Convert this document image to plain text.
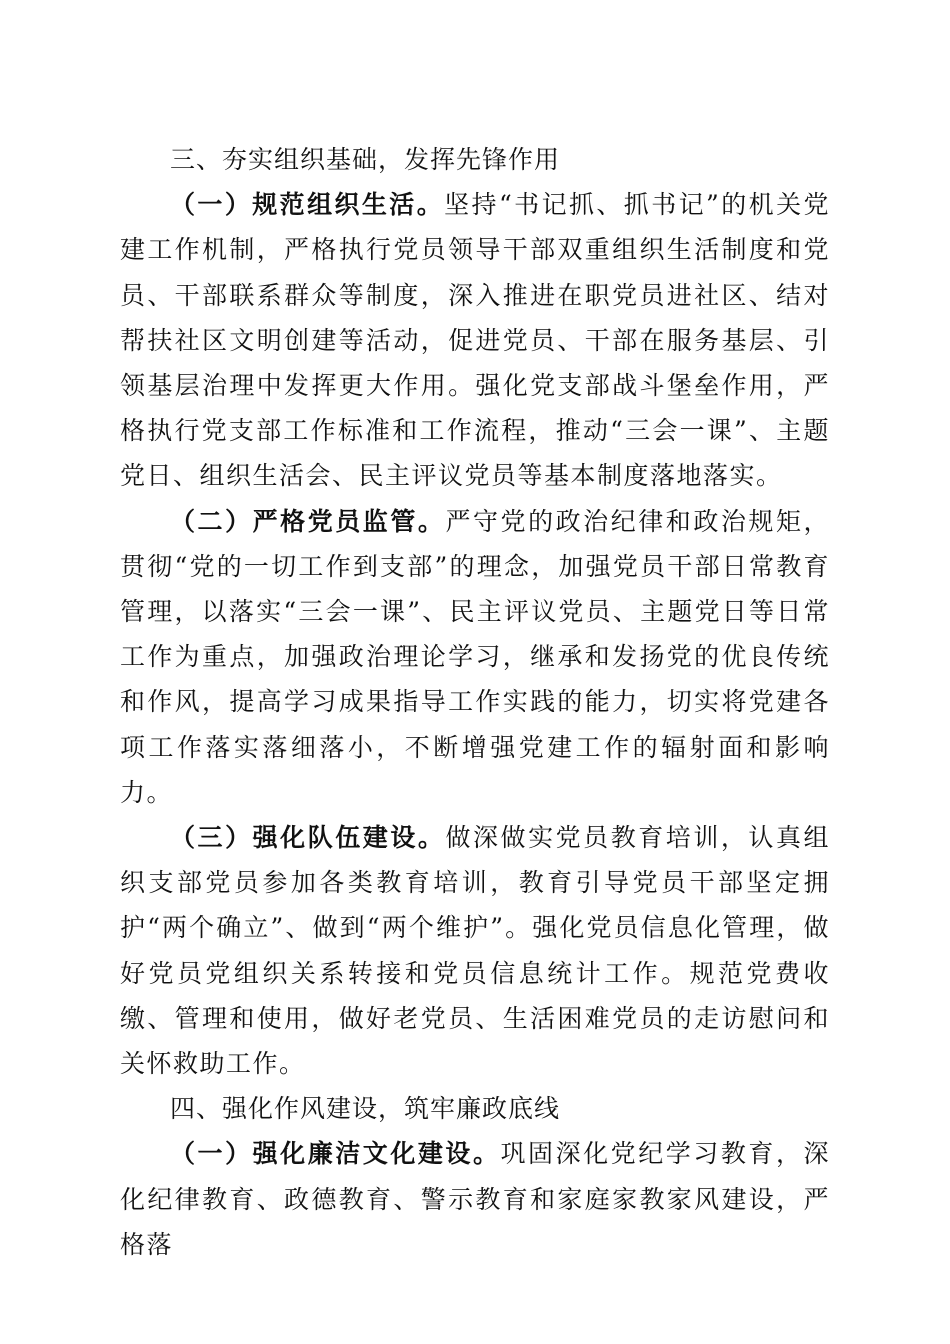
三、夯实组织基础，发挥先锋作用

（一）规范组织生活。坚持“书记抓、抓书记”的机关党建工作机制，严格执行党员领导干部双重组织生活制度和党员、干部联系群众等制度，深入推进在职党员进社区、结对帮扶社区文明创建等活动，促进党员、干部在服务基层、引领基层治理中发挥更大作用。强化党支部战斗堡垒作用，严格执行党支部工作标准和工作流程，推动“三会一课”、主题党日、组织生活会、民主评议党员等基本制度落地落实。

（二）严格党员监管。严守党的政治纪律和政治规矩，贯彻“党的一切工作到支部”的理念，加强党员干部日常教育管理，以落实“三会一课”、民主评议党员、主题党日等日常工作为重点，加强政治理论学习，继承和发扬党的优良传统和作风，提高学习成果指导工作实践的能力，切实将党建各项工作落实落细落小，不断增强党建工作的辐射面和影响力。

（三）强化队伍建设。做深做实党员教育培训，认真组织支部党员参加各类教育培训，教育引导党员干部坚定拥护“两个确立”、做到“两个维护”。强化党员信息化管理，做好党员党组织关系转接和党员信息统计工作。规范党费收缴、管理和使用，做好老党员、生活困难党员的走访慰问和关怀救助工作。

四、强化作风建设，筑牢廉政底线

（一）强化廉洁文化建设。巩固深化党纪学习教育，深化纪律教育、政德教育、警示教育和家庭家教家风建设，严格落
